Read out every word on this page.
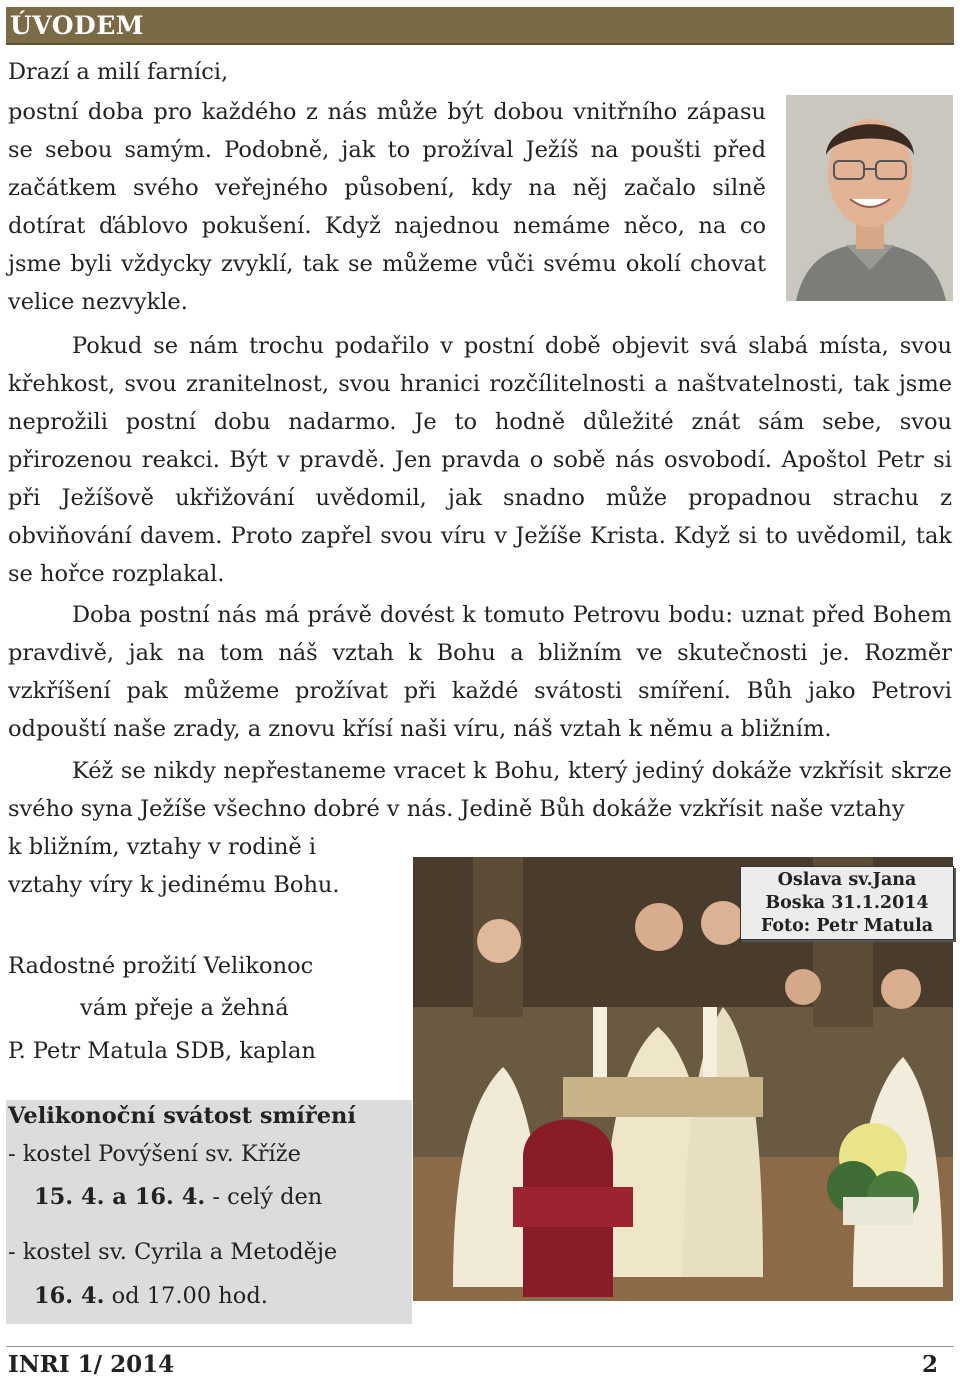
ÚVODEM
Drazí a milí farníci,
postní doba pro každého z nás může být dobou vnitřního zápasu se sebou samým. Podobně, jak to prožíval Ježíš na poušti před začátkem svého veřejného působení, kdy na něj začalo silně dotírat ďáblovo pokušení. Když najednou nemáme něco, na co jsme byli vždycky zvyklí, tak se můžeme vůči svému okolí chovat velice nezvykle.
Pokud se nám trochu podařilo v postní době objevit svá slabá místa, svou křehkost, svou zranitelnost, svou hranici rozčílitelnosti a naštvatelnosti, tak jsme neprožili postní dobu nadarmo. Je to hodně důležité znát sám sebe, svou přirozenou reakci. Být v pravdě. Jen pravda o sobě nás osvobodí. Apoštol Petr si při Ježíšově ukřižování uvědomil, jak snadno může propadnou strachu z obviňování davem. Proto zapřel svou víru v Ježíše Krista. Když si to uvědomil, tak se hořce rozplakal.
Doba postní nás má právě dovést k tomuto Petrovu bodu: uznat před Bohem pravdivě, jak na tom náš vztah k Bohu a bližním ve skutečnosti je. Rozměr vzkříšení pak můžeme prožívat při každé svátosti smíření. Bůh jako Petrovi odpouští naše zrady, a znovu křísí naši víru, náš vztah k němu a bližním.
Kéž se nikdy nepřestaneme vracet k Bohu, který jediný dokáže vzkřísit skrze svého syna Ježíše všechno dobré v nás. Jedině Bůh dokáže vzkřísit naše vztahy
k bližním, vztahy v rodině i
vztahy víry k jedinému Bohu.
Radostné prožití Velikonoc
vám přeje a žehná
P. Petr Matula SDB, kaplan
Oslava sv.Jana
Boska 31.1.2014
Foto: Petr Matula
Velikonoční svátost smíření
- kostel Povýšení sv. Kříže
15. 4. a 16. 4. - celý den
- kostel sv. Cyrila a Metoděje
16. 4. od 17.00 hod.
INRI 1/ 2014	2
